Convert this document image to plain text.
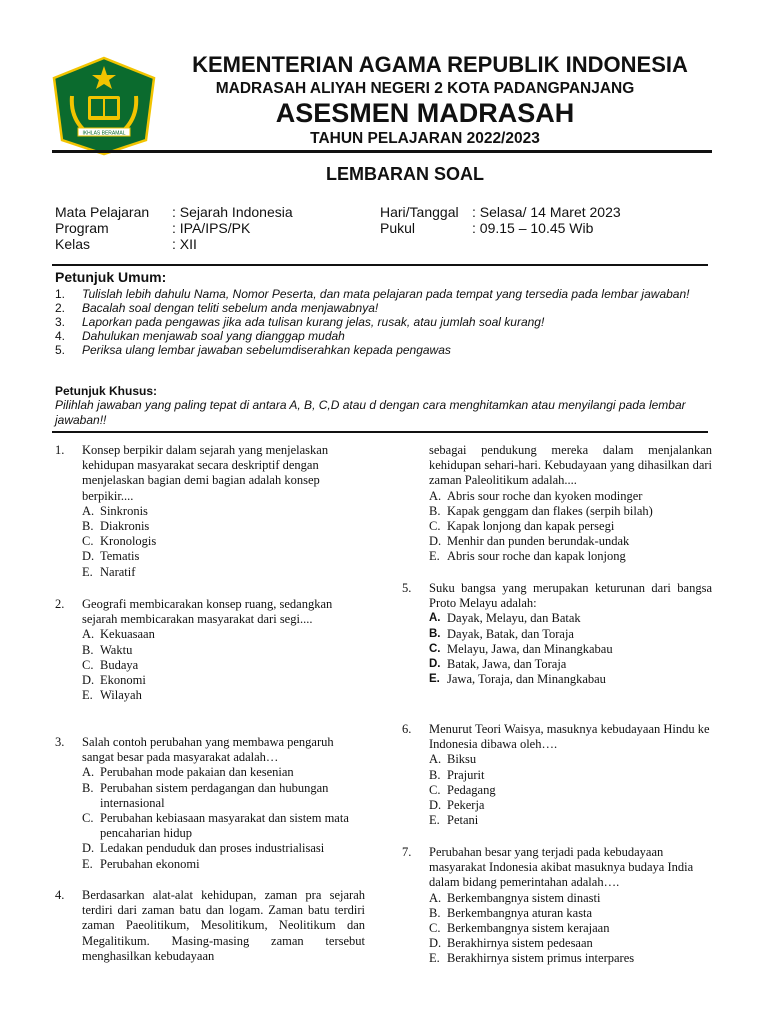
IKHLAS BERAMAL
KEMENTERIAN AGAMA REPUBLIK INDONESIA
MADRASAH ALIYAH NEGERI 2 KOTA PADANGPANJANG
ASESMEN MADRASAH
TAHUN PELAJARAN 2022/2023
LEMBARAN SOAL
Mata Pelajaran : Sejarah Indonesia
Program	: IPA/IPS/PK
Kelas	: XII
Hari/Tanggal : Selasa/ 14 Maret 2023
Pukul	: 09.15 – 10.45 Wib
Petunjuk Umum:
1. Tulislah lebih dahulu Nama, Nomor Peserta, dan mata pelajaran pada tempat yang tersedia pada lembar jawaban!
2. Bacalah soal dengan teliti sebelum anda menjawabnya!
3. Laporkan pada pengawas jika ada tulisan kurang jelas, rusak, atau jumlah soal kurang!
4. Dahulukan menjawab soal yang dianggap mudah
5. Periksa ulang lembar jawaban sebelumdiserahkan kepada pengawas
Petunjuk Khusus:
Pilihlah jawaban yang paling tepat di antara A, B, C,D atau d dengan cara menghitamkan atau menyilangi pada lembar jawaban!!
1. Konsep berpikir dalam sejarah yang menjelaskan kehidupan masyarakat secara deskriptif dengan menjelaskan bagian demi bagian adalah konsep berpikir....
A. Sinkronis
B. Diakronis
C. Kronologis
D. Tematis
E. Naratif
2. Geografi membicarakan konsep ruang, sedangkan sejarah membicarakan masyarakat dari segi....
A. Kekuasaan
B. Waktu
C. Budaya
D. Ekonomi
E. Wilayah
3. Salah contoh perubahan yang membawa pengaruh sangat besar pada masyarakat adalah…
A. Perubahan mode pakaian dan kesenian
B. Perubahan sistem perdagangan dan hubungan internasional
C. Perubahan kebiasaan masyarakat dan sistem mata pencaharian hidup
D. Ledakan penduduk dan proses industrialisasi
E. Perubahan ekonomi
4. Berdasarkan alat-alat kehidupan, zaman pra sejarah terdiri dari zaman batu dan logam. Zaman batu terdiri zaman Paeolitikum, Mesolitikum, Neolitikum dan Megalitikum. Masing-masing zaman tersebut menghasilkan kebudayaan
sebagai pendukung mereka dalam menjalankan kehidupan sehari-hari. Kebudayaan yang dihasilkan dari zaman Paleolitikum adalah....
A. Abris sour roche dan kyoken modinger
B. Kapak genggam dan flakes (serpih bilah)
C. Kapak lonjong dan kapak persegi
D. Menhir dan punden berundak-undak
E. Abris sour roche dan kapak lonjong
5. Suku bangsa yang merupakan keturunan dari bangsa Proto Melayu adalah:
A. Dayak, Melayu, dan Batak
B. Dayak, Batak, dan Toraja
C. Melayu, Jawa, dan Minangkabau
D. Batak, Jawa, dan Toraja
E. Jawa, Toraja, dan Minangkabau
6. Menurut Teori Waisya, masuknya kebudayaan Hindu ke Indonesia dibawa oleh….
A. Biksu
B. Prajurit
C. Pedagang
D. Pekerja
E. Petani
7. Perubahan besar yang terjadi pada kebudayaan masyarakat Indonesia akibat masuknya budaya India dalam bidang pemerintahan adalah….
A. Berkembangnya sistem dinasti
B. Berkembangnya aturan kasta
C. Berkembangnya sistem kerajaan
D. Berakhirnya sistem pedesaan
E. Berakhirnya sistem primus interpares
